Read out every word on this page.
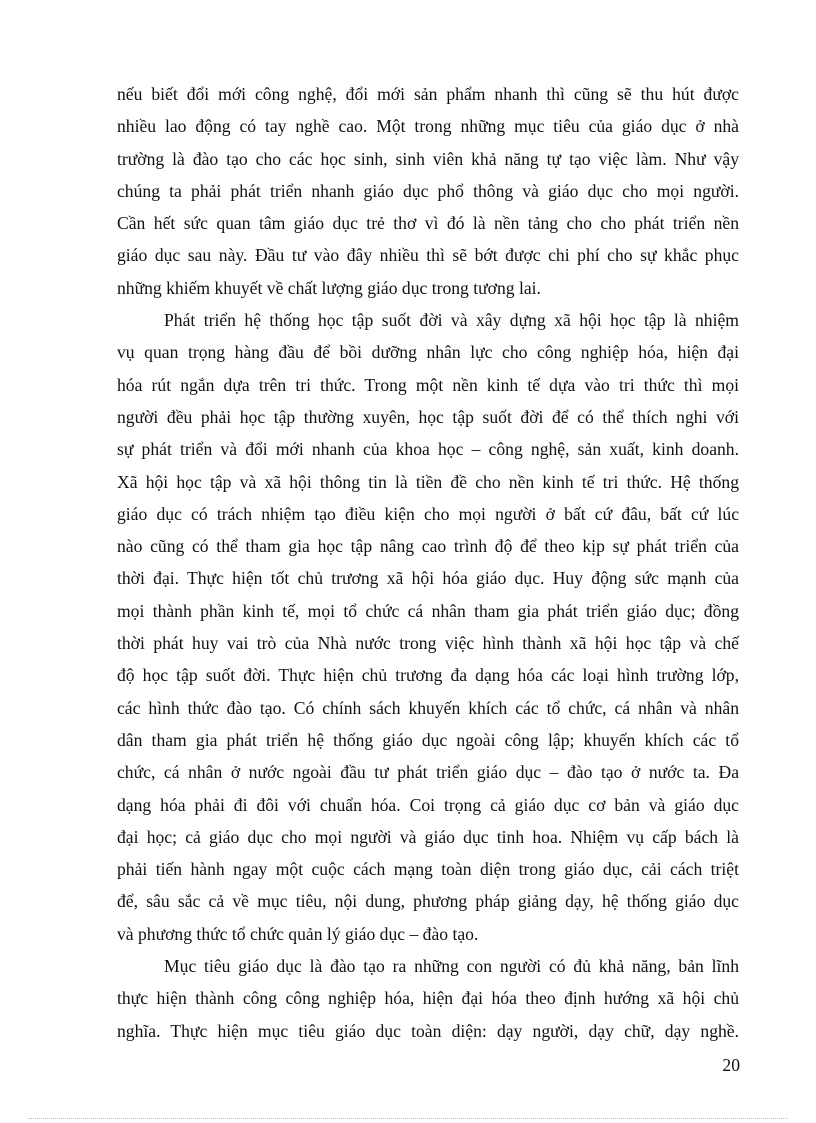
nếu biết đổi mới công nghệ, đổi mới sản phẩm nhanh thì cũng sẽ thu hút được
nhiều lao động có tay nghề cao. Một trong những mục tiêu của giáo dục ở nhà
trường là đào tạo cho các học sinh, sinh viên khả năng tự tạo việc làm. Như vậy
chúng ta phải phát triển nhanh giáo dục phổ thông và giáo dục cho mọi người.
Cần hết sức quan tâm giáo dục trẻ thơ vì đó là nền tảng cho cho phát triển nền
giáo dục sau này. Đầu tư vào đây nhiều thì sẽ bớt được chi phí cho sự khắc phục
những khiếm khuyết về chất lượng giáo dục trong tương lai.

Phát triển hệ thống học tập suốt đời và xây dựng xã hội học tập là nhiệm
vụ quan trọng hàng đầu để bồi dưỡng nhân lực cho công nghiệp hóa, hiện đại
hóa rút ngắn dựa trên tri thức. Trong một nền kinh tế dựa vào tri thức thì mọi
người đều phải học tập thường xuyên, học tập suốt đời để có thể thích nghi với
sự phát triển và đổi mới nhanh của khoa học – công nghệ, sản xuất, kinh doanh.
Xã hội học tập và xã hội thông tin là tiền đề cho nền kinh tế tri thức. Hệ thống
giáo dục có trách nhiệm tạo điều kiện cho mọi người ở bất cứ đâu, bất cứ lúc
nào cũng có thể tham gia học tập nâng cao trình độ để theo kịp sự phát triển của
thời đại. Thực hiện tốt chủ trương xã hội hóa giáo dục. Huy động sức mạnh của
mọi thành phần kinh tế, mọi tổ chức cá nhân tham gia phát triển giáo dục; đồng
thời phát huy vai trò của Nhà nước trong việc hình thành xã hội học tập và chế
độ học tập suốt đời. Thực hiện chủ trương đa dạng hóa các loại hình trường lớp,
các hình thức đào tạo. Có chính sách khuyến khích các tổ chức, cá nhân và nhân
dân tham gia phát triển hệ thống giáo dục ngoài công lập; khuyến khích các tổ
chức, cá nhân ở nước ngoài đầu tư phát triển giáo dục – đào tạo ở nước ta. Đa
dạng hóa phải đi đôi với chuẩn hóa. Coi trọng cả giáo dục cơ bản và giáo dục
đại học; cả giáo dục cho mọi người và giáo dục tinh hoa. Nhiệm vụ cấp bách là
phải tiến hành ngay một cuộc cách mạng toàn diện trong giáo dục, cải cách triệt
để, sâu sắc cả về mục tiêu, nội dung, phương pháp giảng dạy, hệ thống giáo dục
và phương thức tổ chức quản lý giáo dục – đào tạo.

Mục tiêu giáo dục là đào tạo ra những con người có đủ khả năng, bản lĩnh
thực hiện thành công công nghiệp hóa, hiện đại hóa theo định hướng xã hội chủ
nghĩa. Thực hiện mục tiêu giáo dục toàn diện: dạy người, dạy chữ, dạy nghề.

20
